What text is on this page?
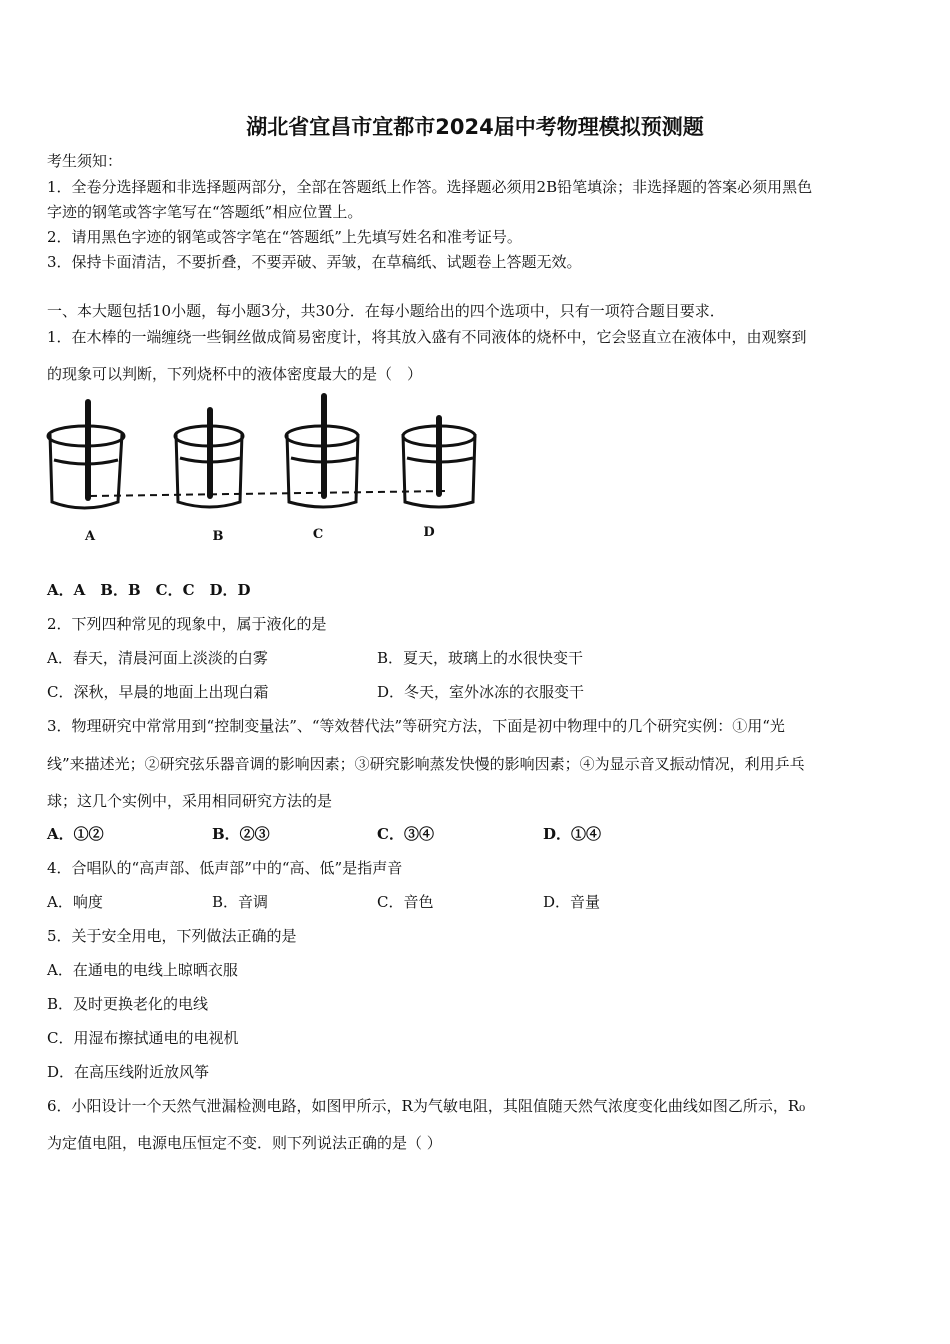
湖北省宜昌市宜都市2024届中考物理模拟预测题
考生须知：
1．全卷分选择题和非选择题两部分，全部在答题纸上作答。选择题必须用2B铅笔填涂；非选择题的答案必须用黑色
字迹的钢笔或答字笔写在“答题纸”相应位置上。
2．请用黑色字迹的钢笔或答字笔在“答题纸”上先填写姓名和准考证号。
3．保持卡面清洁，不要折叠，不要弄破、弄皱，在草稿纸、试题卷上答题无效。
一、本大题包括10小题，每小题3分，共30分．在每小题给出的四个选项中，只有一项符合题目要求．
1．在木棒的一端缠绕一些铜丝做成简易密度计，将其放入盛有不同液体的烧杯中，它会竖直立在液体中，由观察到
的现象可以判断，下列烧杯中的液体密度最大的是（　）
A	B	C	D
A．A　B．B　C．C　D．D
2．下列四种常见的现象中，属于液化的是
A．春天，清晨河面上淡淡的白雾	B．夏天，玻璃上的水很快变干
C．深秋，早晨的地面上出现白霜	D．冬天，室外冰冻的衣服变干
3．物理研究中常常用到“控制变量法”、“等效替代法”等研究方法，下面是初中物理中的几个研究实例：①用“光
线”来描述光；②研究弦乐器音调的影响因素；③研究影响蒸发快慢的影响因素；④为显示音叉振动情况，利用乒乓
球；这几个实例中，采用相同研究方法的是
A．①②	B．②③	C．③④	D．①④
4．合唱队的“高声部、低声部”中的“高、低”是指声音
A．响度	B．音调	C．音色	D．音量
5．关于安全用电，下列做法正确的是
A．在通电的电线上晾晒衣服
B．及时更换老化的电线
C．用湿布擦拭通电的电视机
D．在高压线附近放风筝
6．小阳设计一个天然气泄漏检测电路，如图甲所示，R为气敏电阻，其阻值随天然气浓度变化曲线如图乙所示，R₀
为定值电阻，电源电压恒定不变．则下列说法正确的是（ ）
